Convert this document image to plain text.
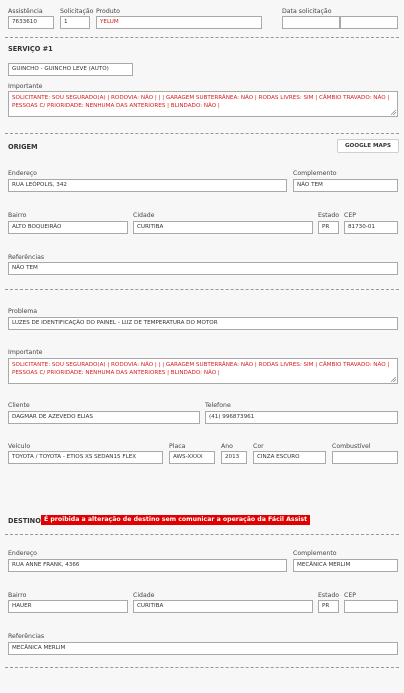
Assistência
7633610
Solicitação
1
Produto
YELUM
Data solicitação
SERVIÇO #1
GUINCHO - GUINCHO LEVE (AUTO)
Importante
SOLICITANTE: SOU SEGURADO(A) | RODOVIA: NÃO | | | GARAGEM SUBTERRÂNEA: NÃO | RODAS LIVRES: SIM | CÂMBIO TRAVADO: NÃO | PESSOAS C/ PRIORIDADE: NENHUMA DAS ANTERIORES | BLINDADO: NÃO |
ORIGEM	GOOGLE MAPS
Endereço
RUA LEÓPOLIS, 342
Complemento
NÃO TEM
Bairro
ALTO BOQUEIRÃO
Cidade
CURITIBA
Estado
PR
CEP
81730-01
Referências
NÃO TEM
Problema
LUZES DE IDENTIFICAÇÃO DO PAINEL - LUZ DE TEMPERATURA DO MOTOR
Importante
SOLICITANTE: SOU SEGURADO(A) | RODOVIA: NÃO | | | GARAGEM SUBTERRÂNEA: NÃO | RODAS LIVRES: SIM | CÂMBIO TRAVADO: NÃO | PESSOAS C/ PRIORIDADE: NENHUMA DAS ANTERIORES | BLINDADO: NÃO |
Cliente
DAGMAR DE AZEVEDO ELIAS
Telefone
(41) 996873961
Veículo
TOYOTA / TOYOTA - ETIOS XS SEDAN15 FLEX
Placa
AWS-XXXX
Ano
2013
Cor
CINZA ESCURO
Combustível
DESTINO É proibida a alteração de destino sem comunicar a operação da Fácil Assist
Endereço
RUA ANNE FRANK, 4366
Complemento
MECÂNICA MERLIM
Bairro
HAUER
Cidade
CURITIBA
Estado
PR
CEP
Referências
MECÂNICA MERLIM
